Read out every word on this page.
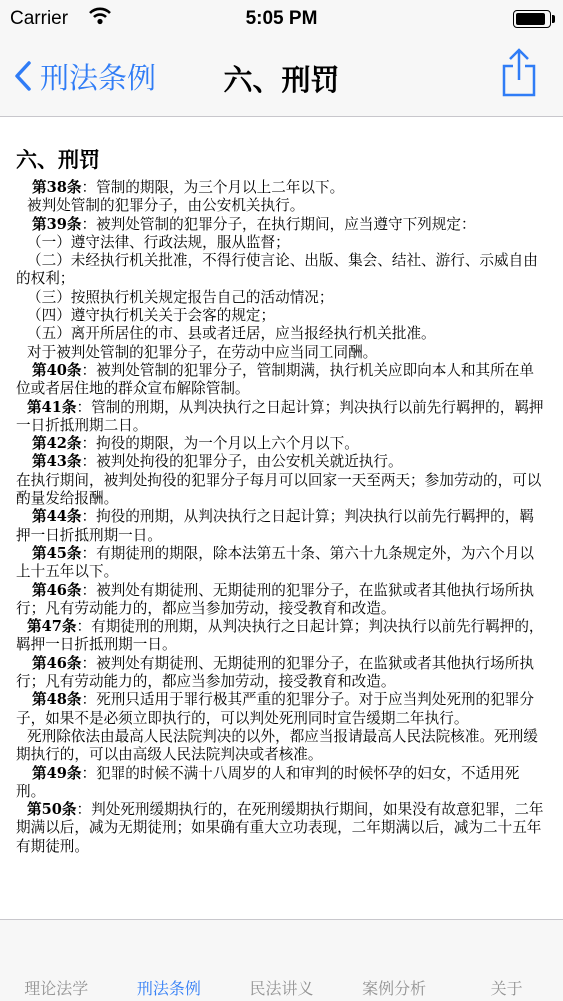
Carrier	5:05 PM
刑法条例	六、刑罚
六、刑罚

第38条：管制的期限，为三个月以上二年以下。

被判处管制的犯罪分子，由公安机关执行。

第39条：被判处管制的犯罪分子，在执行期间，应当遵守下列规定：

（一）遵守法律、行政法规，服从监督；

（二）未经执行机关批准，不得行使言论、出版、集会、结社、游行、示威自由的权利；

（三）按照执行机关规定报告自己的活动情况；

（四）遵守执行机关关于会客的规定；

（五）离开所居住的市、县或者迁居，应当报经执行机关批准。

对于被判处管制的犯罪分子，在劳动中应当同工同酬。

第40条：被判处管制的犯罪分子，管制期满，执行机关应即向本人和其所在单位或者居住地的群众宣布解除管制。

第41条：管制的刑期，从判决执行之日起计算；判决执行以前先行羁押的，羁押一日折抵刑期二日。

第42条：拘役的期限，为一个月以上六个月以下。

第43条：被判处拘役的犯罪分子，由公安机关就近执行。

在执行期间，被判处拘役的犯罪分子每月可以回家一天至两天；参加劳动的，可以酌量发给报酬。

第44条：拘役的刑期，从判决执行之日起计算；判决执行以前先行羁押的，羁押一日折抵刑期一日。

第45条：有期徒刑的期限，除本法第五十条、第六十九条规定外，为六个月以上十五年以下。

第46条：被判处有期徒刑、无期徒刑的犯罪分子，在监狱或者其他执行场所执行；凡有劳动能力的，都应当参加劳动，接受教育和改造。

第47条：有期徒刑的刑期，从判决执行之日起计算；判决执行以前先行羁押的，羁押一日折抵刑期一日。

第46条：被判处有期徒刑、无期徒刑的犯罪分子，在监狱或者其他执行场所执行；凡有劳动能力的，都应当参加劳动，接受教育和改造。

第48条：死刑只适用于罪行极其严重的犯罪分子。对于应当判处死刑的犯罪分子，如果不是必须立即执行的，可以判处死刑同时宣告缓期二年执行。

死刑除依法由最高人民法院判决的以外，都应当报请最高人民法院核准。死刑缓期执行的，可以由高级人民法院判决或者核准。

第49条：犯罪的时候不满十八周岁的人和审判的时候怀孕的妇女，不适用死刑。

第50条：判处死刑缓期执行的，在死刑缓期执行期间，如果没有故意犯罪，二年期满以后，减为无期徒刑；如果确有重大立功表现，二年期满以后，减为二十五年有期徒刑。

理论法学	刑法条例	民法讲义	案例分析	关于
